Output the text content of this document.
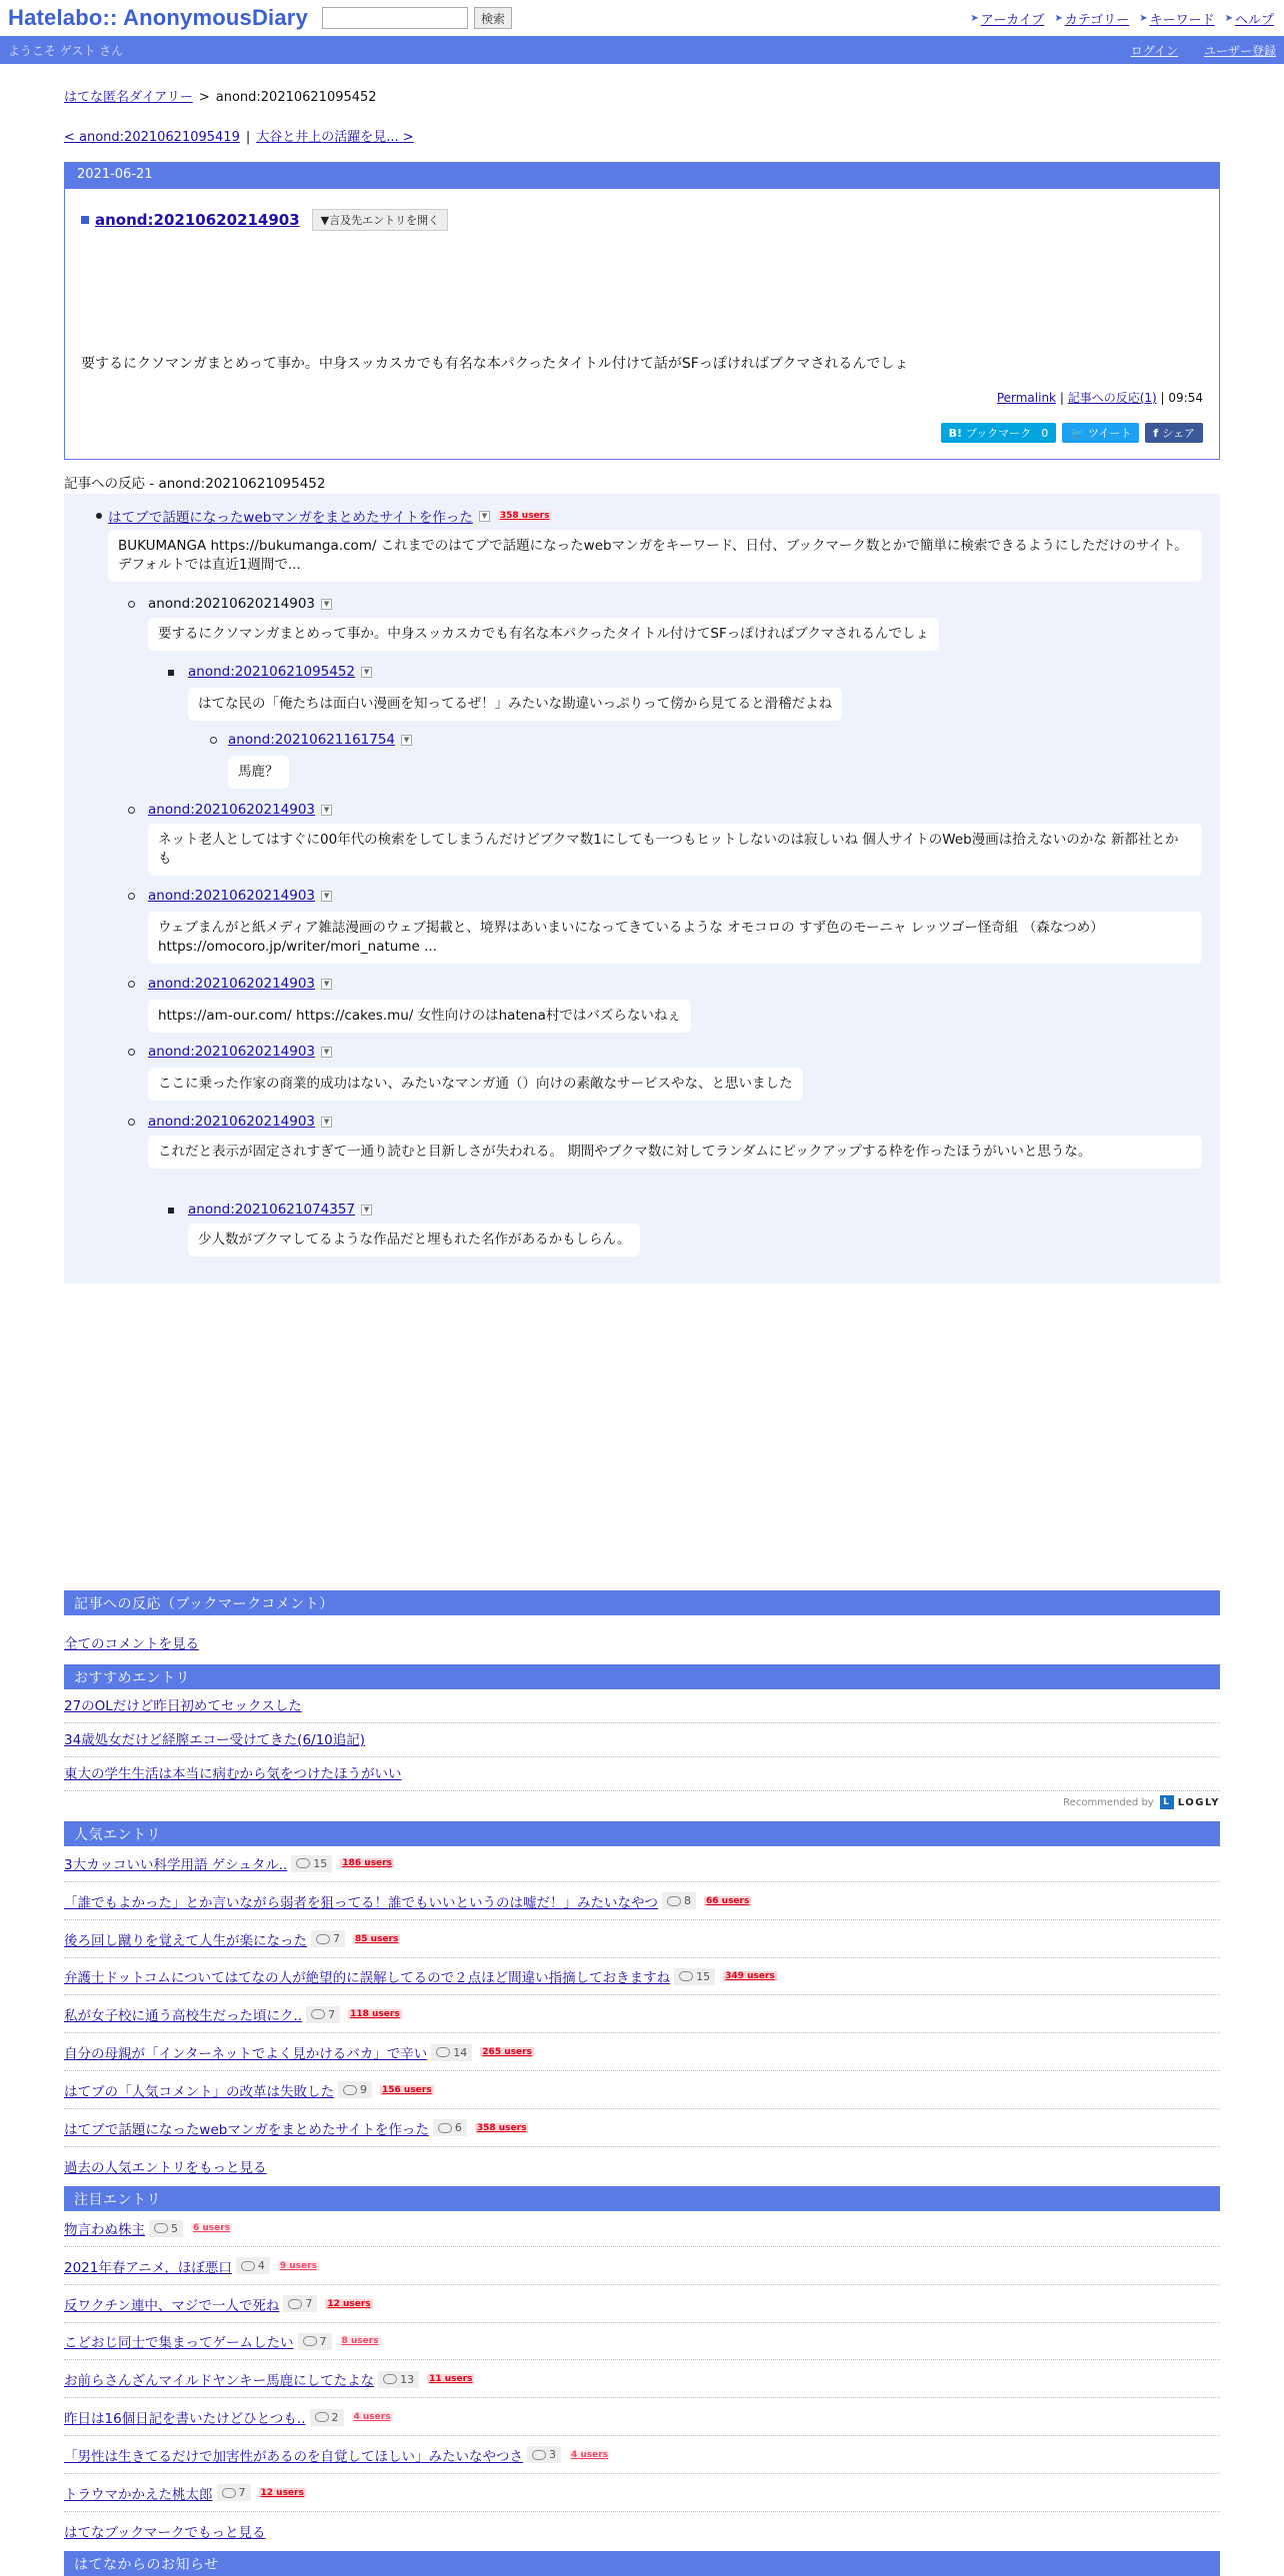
Hatelabo:: AnonymousDiary	検索	➤ アーカイブ ➤ カテゴリー ➤ キーワード ➤ ヘルプ
ようこそ ゲスト さん	ログイン ユーザー登録
はてな匿名ダイアリー > anond:20210621095452
< anond:20210621095419 | 大谷と井上の活躍を見... >
2021-06-21
anond:20210620214903	▼言及先エントリを開く
要するにクソマンガまとめって事か。中身スッカスカでも有名な本パクったタイトル付けて話がSFっぽければブクマされるんでしょ
Permalink | 記事への反応(1) | 09:54
B! ブックマーク 0 🐦 ツイート f シェア
記事への反応 - anond:20210621095452
はてブで話題になったwebマンガをまとめたサイトを作った	▼	358 users
BUKUMANGA https://bukumanga.com/ これまでのはてブで話題になったwebマンガをキーワード、日付、ブックマーク数とかで簡単に検索できるようにしただけのサイト。 デフォルトでは直近1週間で...
anond:20210620214903	▼
要するにクソマンガまとめって事か。中身スッカスカでも有名な本パクったタイトル付けてSFっぽければブクマされるんでしょ
anond:20210621095452	▼
はてな民の「俺たちは面白い漫画を知ってるぜ！」みたいな勘違いっぷりって傍から見てると滑稽だよね
anond:20210621161754	▼
馬鹿？
anond:20210620214903	▼
ネット老人としてはすぐに00年代の検索をしてしまうんだけどブクマ数1にしても一つもヒットしないのは寂しいね 個人サイトのWeb漫画は拾えないのかな 新都社とかも
anond:20210620214903	▼
ウェブまんがと紙メディア雑誌漫画のウェブ掲載と、境界はあいまいになってきているような オモコロの すず色のモーニャ レッツゴー怪奇組 （森なつめ）https://omocoro.jp/writer/mori_natume ...
anond:20210620214903	▼
https://am-our.com/ https://cakes.mu/ 女性向けのはhatena村ではバズらないねぇ
anond:20210620214903	▼
ここに乗った作家の商業的成功はない、みたいなマンガ通（）向けの素敵なサービスやな、と思いました
anond:20210620214903	▼
これだと表示が固定されすぎて一通り読むと目新しさが失われる。 期間やブクマ数に対してランダムにピックアップする枠を作ったほうがいいと思うな。
anond:20210621074357	▼
少人数がブクマしてるような作品だと埋もれた名作があるかもしらん。
記事への反応（ブックマークコメント）
全てのコメントを見る
おすすめエントリ
27のOLだけど昨日初めてセックスした
34歳処女だけど経膣エコー受けてきた(6/10追記)
東大の学生生活は本当に病むから気をつけたほうがいい
Recommended by	L LOGLY
人気エントリ
3大カッコいい科学用語 ゲシュタル.. 15 186 users
「誰でもよかった」とか言いながら弱者を狙ってる！誰でもいいというのは嘘だ！」みたいなやつ 8 66 users
後ろ回し蹴りを覚えて人生が楽になった 7 85 users
弁護士ドットコムについてはてなの人が絶望的に誤解してるので２点ほど間違い指摘しておきますね 15 349 users
私が女子校に通う高校生だった頃にク.. 7 118 users
自分の母親が「インターネットでよく見かけるバカ」で辛い 14 265 users
はてブの「人気コメント」の改革は失敗した 9 156 users
はてブで話題になったwebマンガをまとめたサイトを作った 6 358 users
過去の人気エントリをもっと見る
注目エントリ
物言わぬ株主 5 6 users
2021年春アニメ，ほぼ悪口 4 9 users
反ワクチン連中、マジで一人で死ね 7 12 users
こどおじ同士で集まってゲームしたい 7 8 users
お前らさんざんマイルドヤンキー馬鹿にしてたよな 13 11 users
昨日は16個日記を書いたけどひとつも.. 2 4 users
「男性は生きてるだけで加害性があるのを自覚してほしい」みたいなやつさ 3 4 users
トラウマかかえた桃太郎 7 12 users
はてなブックマークでもっと見る
はてなからのお知らせ
